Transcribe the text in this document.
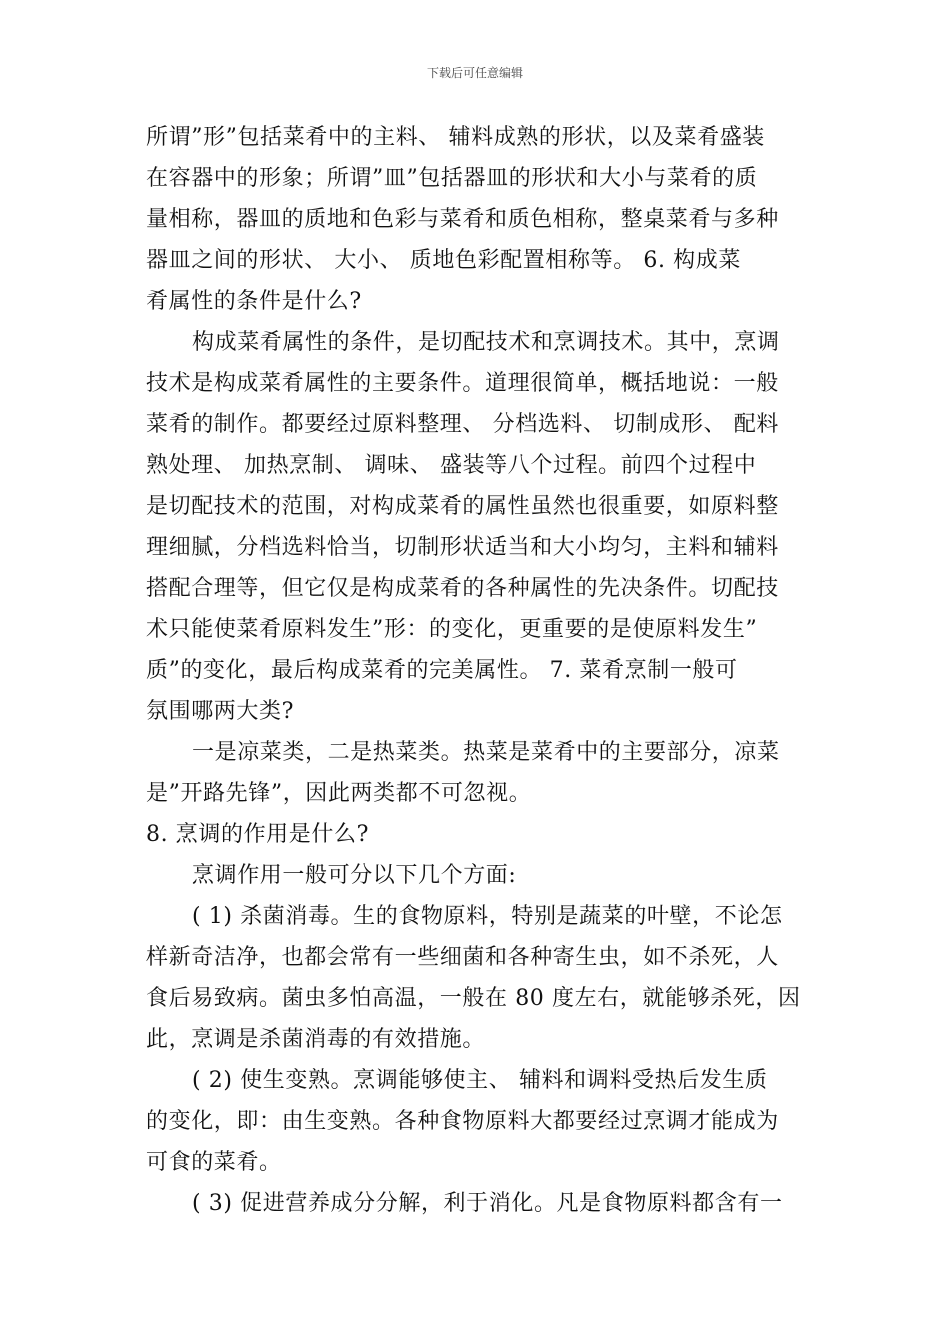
下载后可任意编辑
所谓”形”包括菜肴中的主料、 辅料成熟的形状，以及菜肴盛装
在容器中的形象；所谓”皿”包括器皿的形状和大小与菜肴的质
量相称，器皿的质地和色彩与菜肴和质色相称，整桌菜肴与多种
器皿之间的形状、 大小、 质地色彩配置相称等。 6. 构成菜
肴属性的条件是什么?
构成菜肴属性的条件，是切配技术和烹调技术。其中，烹调
技术是构成菜肴属性的主要条件。道理很简单，概括地说：一般
菜肴的制作。都要经过原料整理、 分档选料、 切制成形、 配料
熟处理、 加热烹制、 调味、 盛装等八个过程。前四个过程中
是切配技术的范围，对构成菜肴的属性虽然也很重要，如原料整
理细腻，分档选料恰当，切制形状适当和大小均匀，主料和辅料
搭配合理等，但它仅是构成菜肴的各种属性的先决条件。切配技
术只能使菜肴原料发生”形：的变化，更重要的是使原料发生”
质”的变化，最后构成菜肴的完美属性。 7. 菜肴烹制一般可
氛围哪两大类?
一是凉菜类，二是热菜类。热菜是菜肴中的主要部分，凉菜
是”开路先锋”，因此两类都不可忽视。
8. 烹调的作用是什么?
烹调作用一般可分以下几个方面:
( 1) 杀菌消毒。生的食物原料，特别是蔬菜的叶壁，不论怎
样新奇洁净，也都会常有一些细菌和各种寄生虫，如不杀死，人
食后易致病。菌虫多怕高温，一般在 80 度左右，就能够杀死，因
此，烹调是杀菌消毒的有效措施。
( 2) 使生变熟。烹调能够使主、 辅料和调料受热后发生质
的变化，即：由生变熟。各种食物原料大都要经过烹调才能成为
可食的菜肴。
( 3) 促进营养成分分解，利于消化。凡是食物原料都含有一
